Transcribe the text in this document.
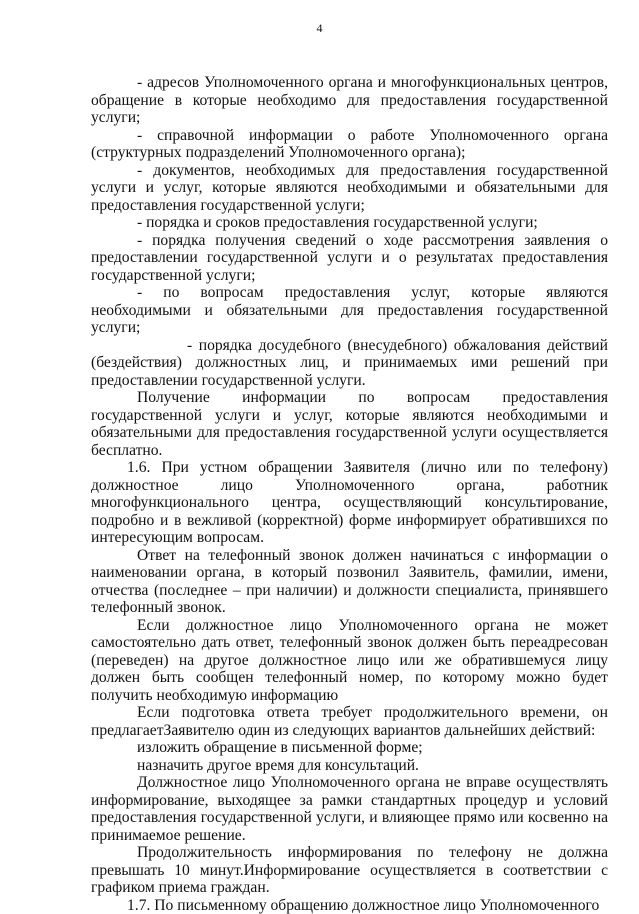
4

- адресов Уполномоченного органа и многофункциональных центров, обращение в которые необходимо для предоставления государственной услуги;

- справочной информации о работе Уполномоченного органа (структурных подразделений Уполномоченного органа);

- документов, необходимых для предоставления государственной услуги и услуг, которые являются необходимыми и обязательными для предоставления государственной услуги;

- порядка и сроков предоставления государственной услуги;

- порядка получения сведений о ходе рассмотрения заявления о предоставлении государственной услуги и о результатах предоставления государственной услуги;

- по вопросам предоставления услуг, которые являются необходимыми и обязательными для предоставления государственной услуги;

- порядка досудебного (внесудебного) обжалования действий (бездействия) должностных лиц, и принимаемых ими решений при предоставлении государственной услуги.

Получение информации по вопросам предоставления государственной услуги и услуг, которые являются необходимыми и обязательными для предоставления государственной услуги осуществляется бесплатно.

1.6. При устном обращении Заявителя (лично или по телефону) должностное лицо Уполномоченного органа, работник многофункционального центра, осуществляющий консультирование, подробно и в вежливой (корректной) форме информирует обратившихся по интересующим вопросам.

Ответ на телефонный звонок должен начинаться с информации о наименовании органа, в который позвонил Заявитель, фамилии, имени, отчества (последнее – при наличии) и должности специалиста, принявшего телефонный звонок.

Если должностное лицо Уполномоченного органа не может самостоятельно дать ответ, телефонный звонок должен быть переадресован (переведен) на другое должностное лицо или же обратившемуся лицу должен быть сообщен телефонный номер, по которому можно будет получить необходимую информацию

Если подготовка ответа требует продолжительного времени, он предлагаетЗаявителю один из следующих вариантов дальнейших действий:

изложить обращение в письменной форме;

назначить другое время для консультаций.

Должностное лицо Уполномоченного органа не вправе осуществлять информирование, выходящее за рамки стандартных процедур и условий предоставления государственной услуги, и влияющее прямо или косвенно на принимаемое решение.

Продолжительность информирования по телефону не должна превышать 10 минут.Информирование осуществляется в соответствии с графиком приема граждан.

1.7. По письменному обращению должностное лицо Уполномоченного
